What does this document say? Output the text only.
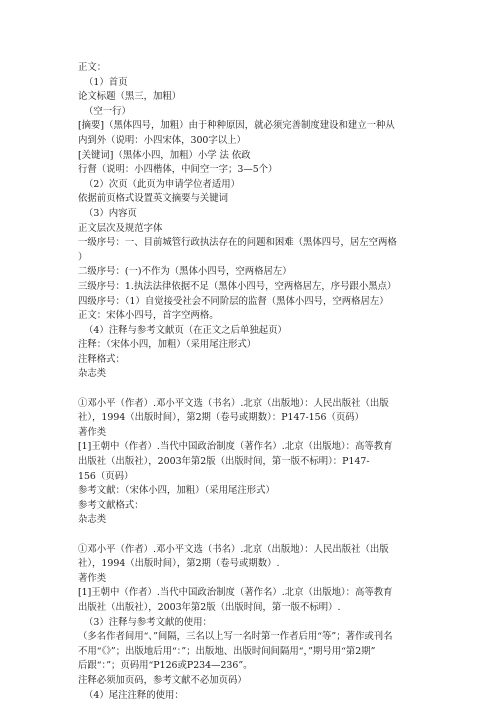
正文：
（1）首页
论文标题（黑三，加粗）
（空一行）
[摘要]（黑体四号，加粗）由于种种原因，就必须完善制度建设和建立一种从
内到外（说明：小四宋体，300字以上）
[关键词]（黑体小四，加粗）小学 法 依政
行督（说明：小四楷体，中间空一字；3—5个）
（2）次页（此页为申请学位者适用）
依据前页格式设置英文摘要与关键词
（3）内容页
正文层次及规范字体
一级序号：一、目前城管行政执法存在的问题和困难（黑体四号，居左空两格
）
二级序号：(一)不作为（黑体小四号，空两格居左）
三级序号：1.执法法律依据不足（黑体小四号，空两格居左，序号跟小黑点）
四级序号：（1）自觉接受社会不同阶层的监督（黑体小四号，空两格居左）
正文：宋体小四号，首字空两格。
（4）注释与参考文献页（在正文之后单独起页）
注释：（宋体小四，加粗）（采用尾注形式）
注释格式：
杂志类
①邓小平（作者）.邓小平文选（书名）.北京（出版地）：人民出版社（出版
社），1994（出版时间），第2期（卷号或期数）：P147-156（页码）
著作类
[1]王朝中（作者）.当代中国政治制度（著作名）.北京（出版地）：高等教育
出版社（出版社），2003年第2版（出版时间，第一版不标明）：P147-
156（页码）
参考文献：（宋体小四，加粗）（采用尾注形式）
参考文献格式：
杂志类
①邓小平（作者）.邓小平文选（书名）.北京（出版地）：人民出版社（出版
社），1994（出版时间），第2期（卷号或期数）.
著作类
[1]王朝中（作者）.当代中国政治制度（著作名）.北京（出版地）：高等教育
出版社（出版社），2003年第2版（出版时间，第一版不标明）.
（3）注释与参考文献的使用：
（多名作者间用“、”间隔，三名以上写一名时第一作者后用“等”；著作或刊名
不用“《》”；出版地后用“：”；出版地、出版时间间隔用“，”期号用“第2期”
后跟“：”；页码用“P126或P234—236”。
注释必须加页码，参考文献不必加页码）
（4）尾注注释的使用：
